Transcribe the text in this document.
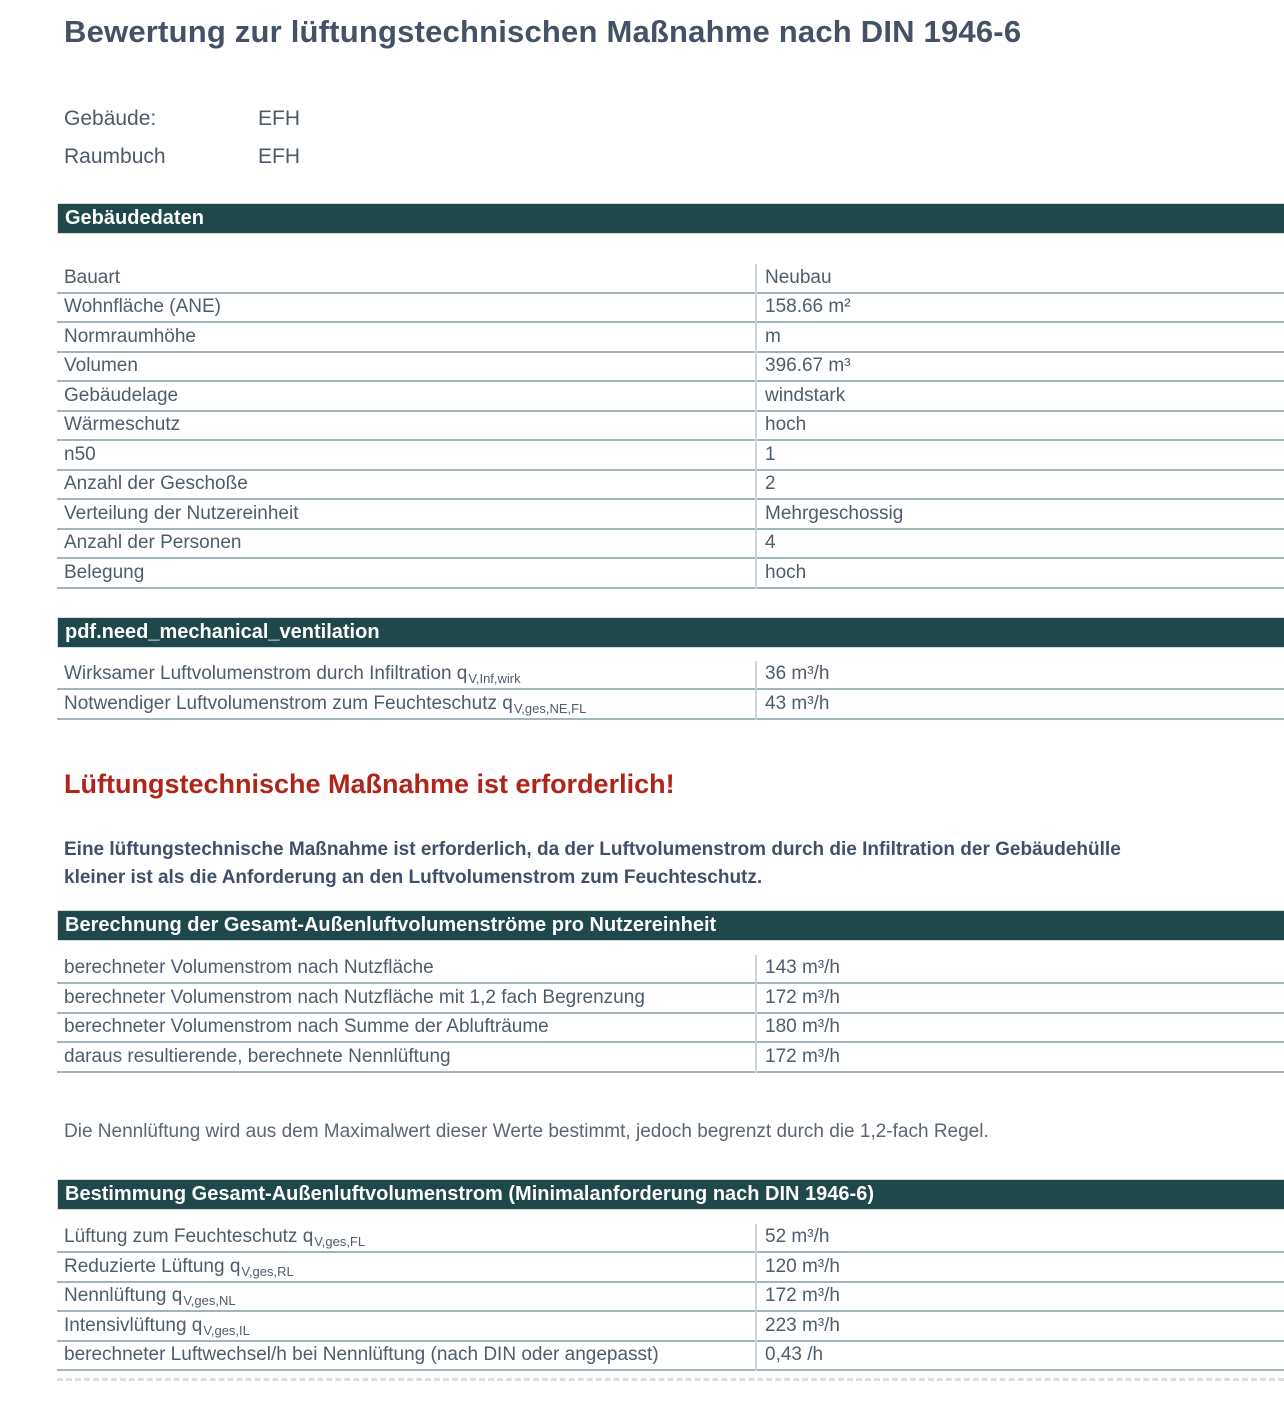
Bewertung zur lüftungstechnischen Maßnahme nach DIN 1946-6
Gebäude:	EFH
Raumbuch	EFH
Gebäudedaten
Bauart	Neubau
Wohnfläche (ANE)	158.66 m²
Normraumhöhe	m
Volumen	396.67 m³
Gebäudelage	windstark
Wärmeschutz	hoch
n50	1
Anzahl der Geschoße	2
Verteilung der Nutzereinheit	Mehrgeschossig
Anzahl der Personen	4
Belegung	hoch
pdf.need_mechanical_ventilation
Wirksamer Luftvolumenstrom durch Infiltration $q_{V,Inf,wirk}$	36 m³/h
Notwendiger Luftvolumenstrom zum Feuchteschutz $q_{V,ges,NE,FL}$	43 m³/h
Lüftungstechnische Maßnahme ist erforderlich!

Eine lüftungstechnische Maßnahme ist erforderlich, da der Luftvolumenstrom durch die Infiltration der Gebäudehülle kleiner ist als die Anforderung an den Luftvolumenstrom zum Feuchteschutz.

Berechnung der Gesamt-Außenluftvolumenströme pro Nutzereinheit
berechneter Volumenstrom nach Nutzfläche	143 m³/h
berechneter Volumenstrom nach Nutzfläche mit 1,2 fach Begrenzung	172 m³/h
berechneter Volumenstrom nach Summe der Ablufträume	180 m³/h
daraus resultierende, berechnete Nennlüftung	172 m³/h

Die Nennlüftung wird aus dem Maximalwert dieser Werte bestimmt, jedoch begrenzt durch die 1,2-fach Regel.

Bestimmung Gesamt-Außenluftvolumenstrom (Minimalanforderung nach DIN 1946-6)
Lüftung zum Feuchteschutz $q_{V,ges,FL}$	52 m³/h
Reduzierte Lüftung $q_{V,ges,RL}$	120 m³/h
Nennlüftung $q_{V,ges,NL}$	172 m³/h
Intensivlüftung $q_{V,ges,IL}$	223 m³/h
berechneter Luftwechsel/h bei Nennlüftung (nach DIN oder angepasst)	0,43 /h
